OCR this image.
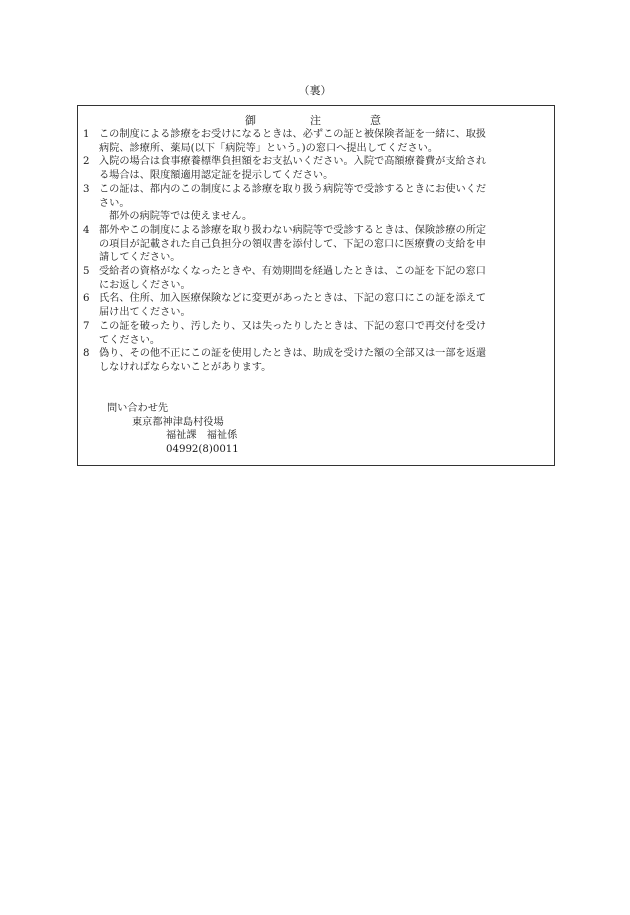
（裏）
御	注	意
1 この制度による診療をお受けになるときは、必ずこの証と被保険者証を一緒に、取扱
病院、診療所、薬局(以下「病院等」という。)の窓口へ提出してください。
2 入院の場合は食事療養標準負担額をお支払いください。入院で高額療養費が支給され
る場合は、限度額適用認定証を提示してください。
3 この証は、都内のこの制度による診療を取り扱う病院等で受診するときにお使いくだ
さい。
都外の病院等では使えません。
4 都外やこの制度による診療を取り扱わない病院等で受診するときは、保険診療の所定
の項目が記載された自己負担分の領収書を添付して、下記の窓口に医療費の支給を申
請してください。
5 受給者の資格がなくなったときや、有効期間を経過したときは、この証を下記の窓口
にお返しください。
6 氏名、住所、加入医療保険などに変更があったときは、下記の窓口にこの証を添えて
届け出てください。
7 この証を破ったり、汚したり、又は失ったりしたときは、下記の窓口で再交付を受け
てください。
8 偽り、その他不正にこの証を使用したときは、助成を受けた額の全部又は一部を返還
しなければならないことがあります。
問い合わせ先
東京都神津島村役場
福祉課　福祉係
04992(8)0011
